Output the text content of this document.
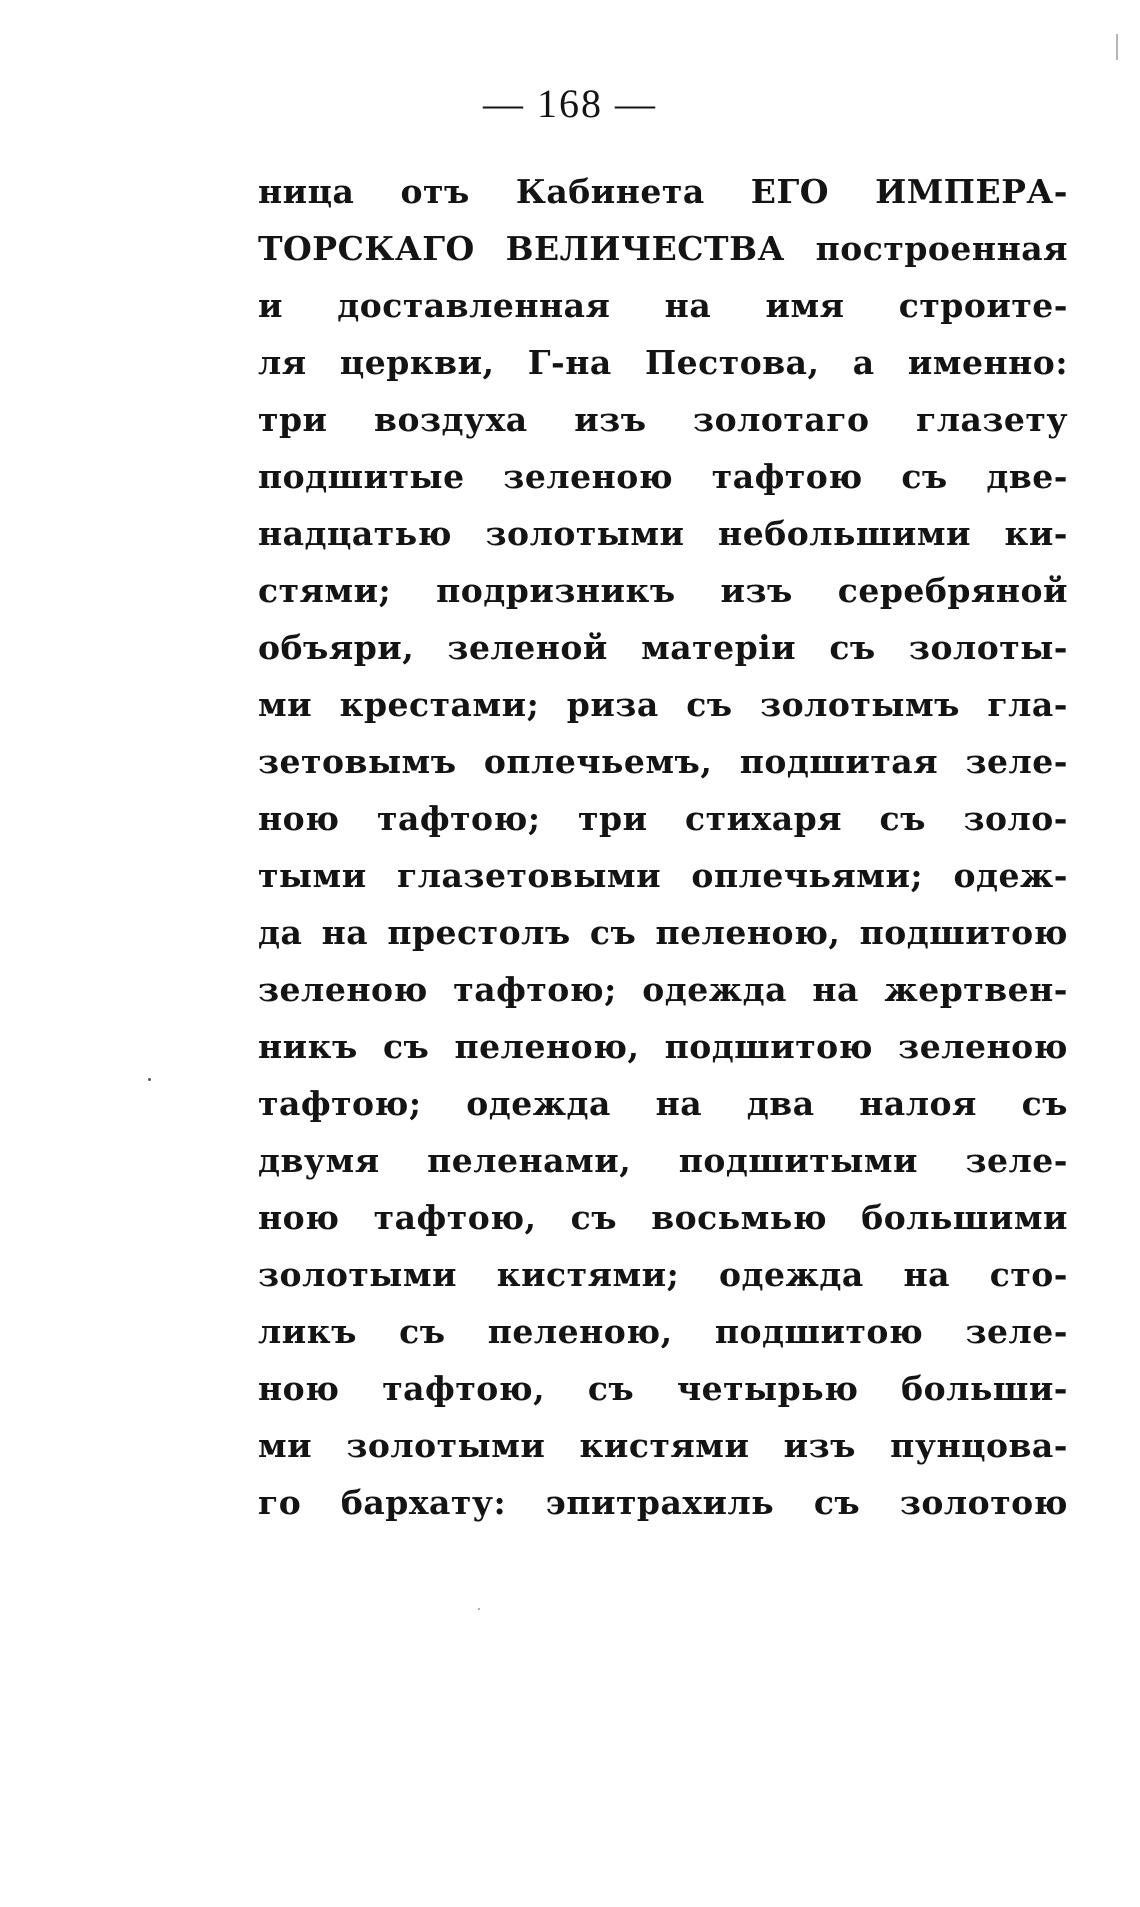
— 168 —
ница отъ Кабинета ЕГО ИМПЕРА-
ТОРСКАГО ВЕЛИЧЕСТВА построенная
и доставленная на имя строите-
ля церкви, Г-на Пестова, а именно:
три воздуха изъ золотаго глазету
подшитые зеленою тафтою съ две-
надцатью золотыми небольшими ки-
стями; подризникъ изъ серебряной
объяри, зеленой матеріи съ золоты-
ми крестами; риза съ золотымъ гла-
зетовымъ оплечьемъ, подшитая зеле-
ною тафтою; три стихаря съ золо-
тыми глазетовыми оплечьями; одеж-
да на престолъ съ пеленою, подшитою
зеленою тафтою; одежда на жертвен-
никъ съ пеленою, подшитою зеленою
тафтою; одежда на два налоя съ
двумя пеленами, подшитыми зеле-
ною тафтою, съ восьмью большими
золотыми кистями; одежда на сто-
ликъ съ пеленою, подшитою зеле-
ною тафтою, съ четырью больши-
ми золотыми кистями изъ пунцова-
го бархату: эпитрахиль съ золотою
